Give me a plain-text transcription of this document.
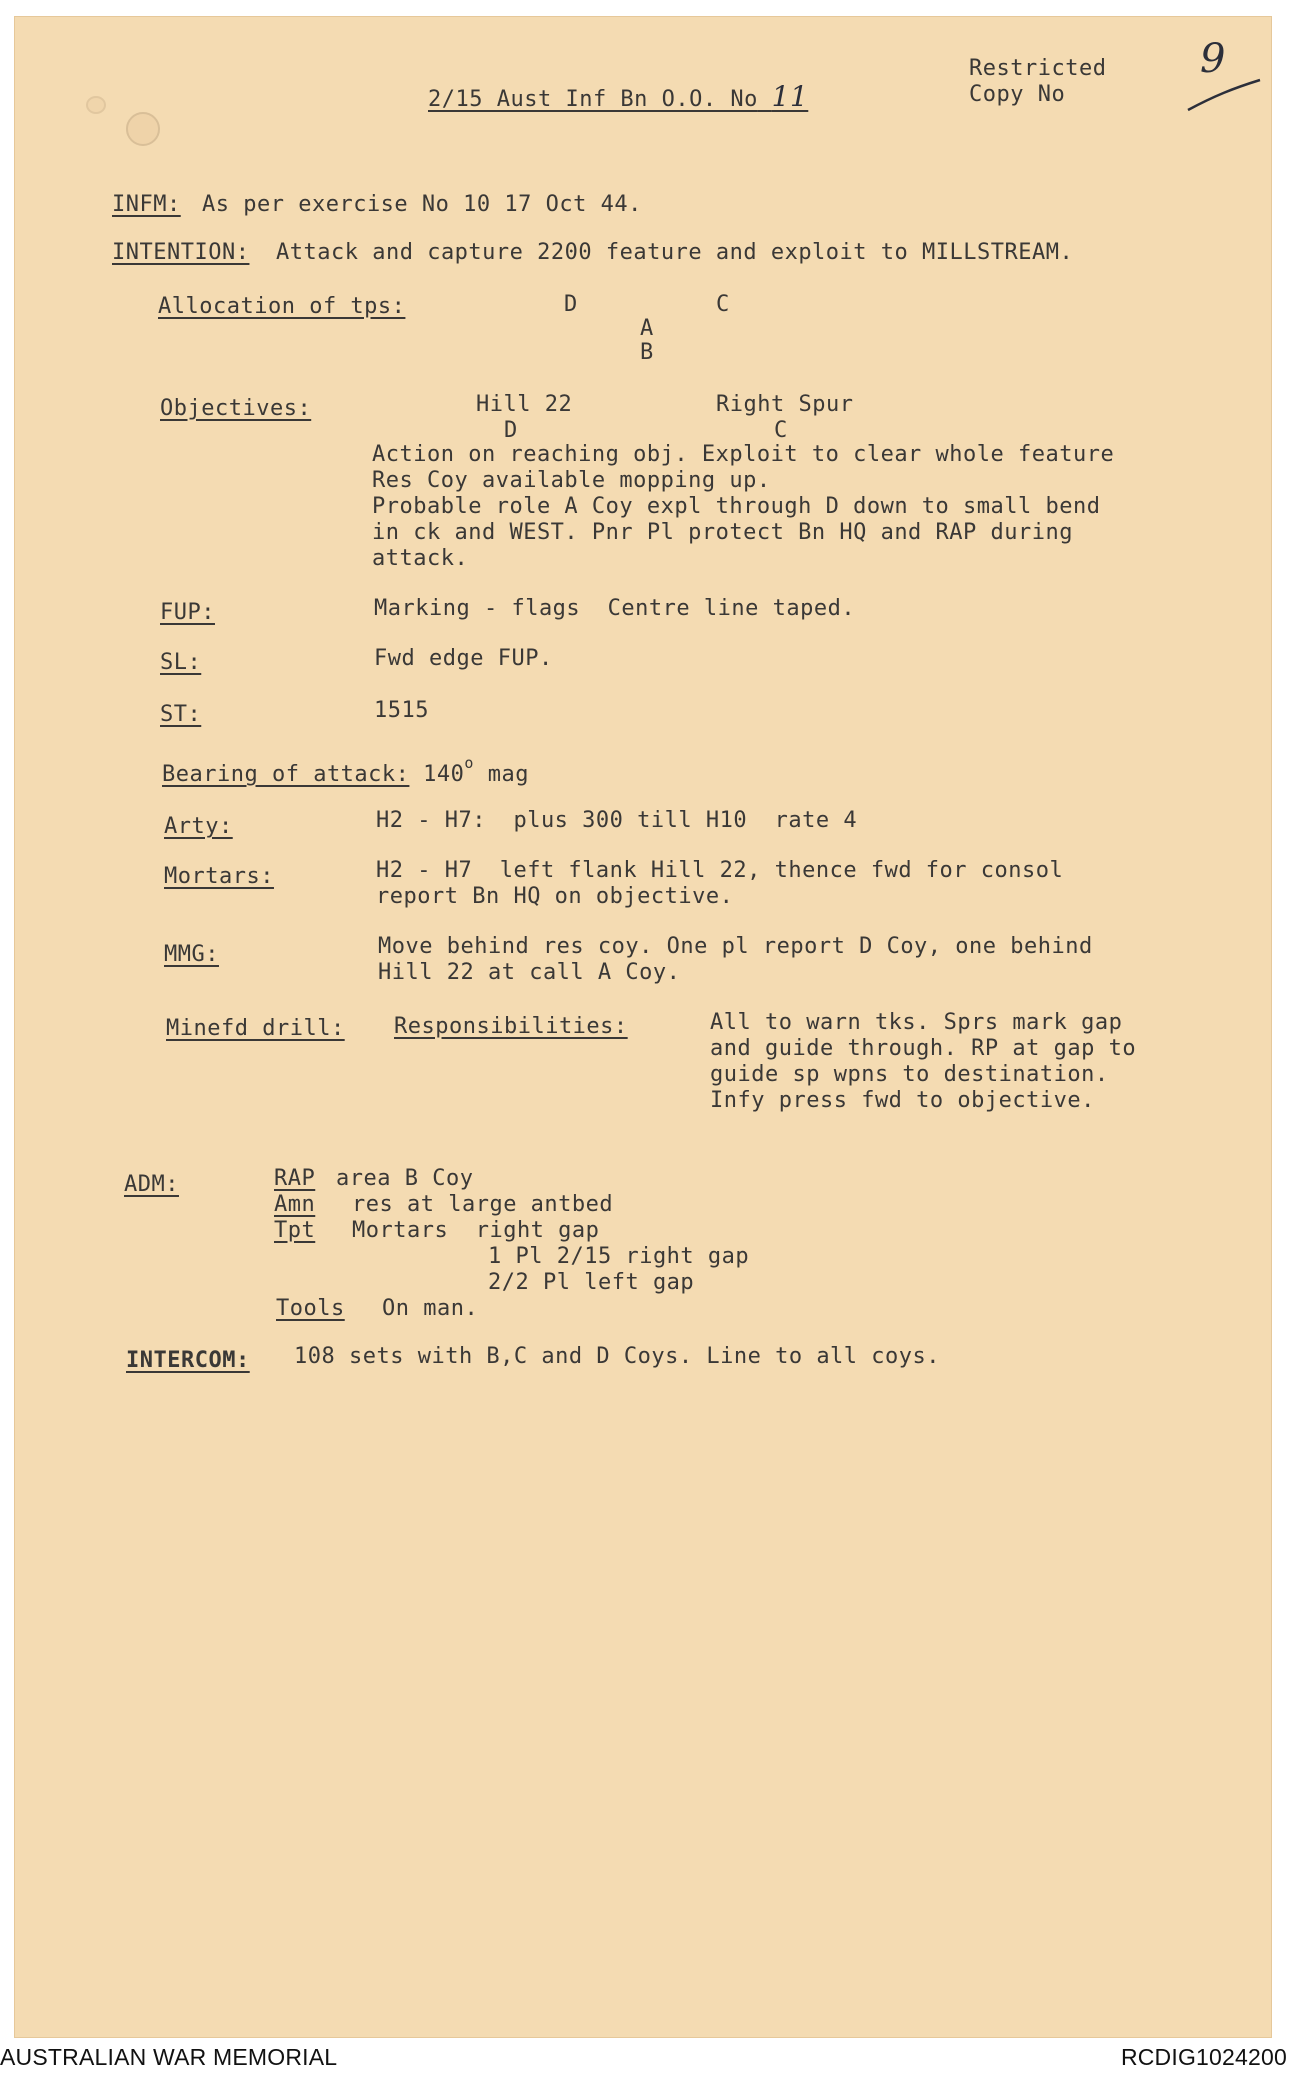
2/15 Aust Inf Bn O.O. No 11
Restricted
Copy No
9
INFM: As per exercise No 10 17 Oct 44.
INTENTION: Attack and capture 2200 feature and exploit to MILLSTREAM.
Allocation of tps:	D	C
A
B
Objectives:	Hill 22	Right Spur
D	C
Action on reaching obj. Exploit to clear whole feature
Res Coy available mopping up.
Probable role A Coy expl through D down to small bend
in ck and WEST. Pnr Pl protect Bn HQ and RAP during
attack.
FUP:	Marking - flags  Centre line taped.
SL:	Fwd edge FUP.
ST:	1515
Bearing of attack: 140$^o$ mag
Arty:	H2 - H7:  plus 300 till H10  rate 4
Mortars:	H2 - H7  left flank Hill 22, thence fwd for consol
report Bn HQ on objective.
MMG:	Move behind res coy. One pl report D Coy, one behind
Hill 22 at call A Coy.
Minefd drill: Responsibilities:	All to warn tks. Sprs mark gap
and guide through. RP at gap to
guide sp wpns to destination.
Infy press fwd to objective.
ADM:	RAP area B Coy
Amn res at large antbed
Tpt Mortars  right gap
1 Pl 2/15 right gap
2/2 Pl left gap
Tools On man.
INTERCOM: 108 sets with B,C and D Coys. Line to all coys.
AUSTRALIAN WAR MEMORIAL	RCDIG1024200
